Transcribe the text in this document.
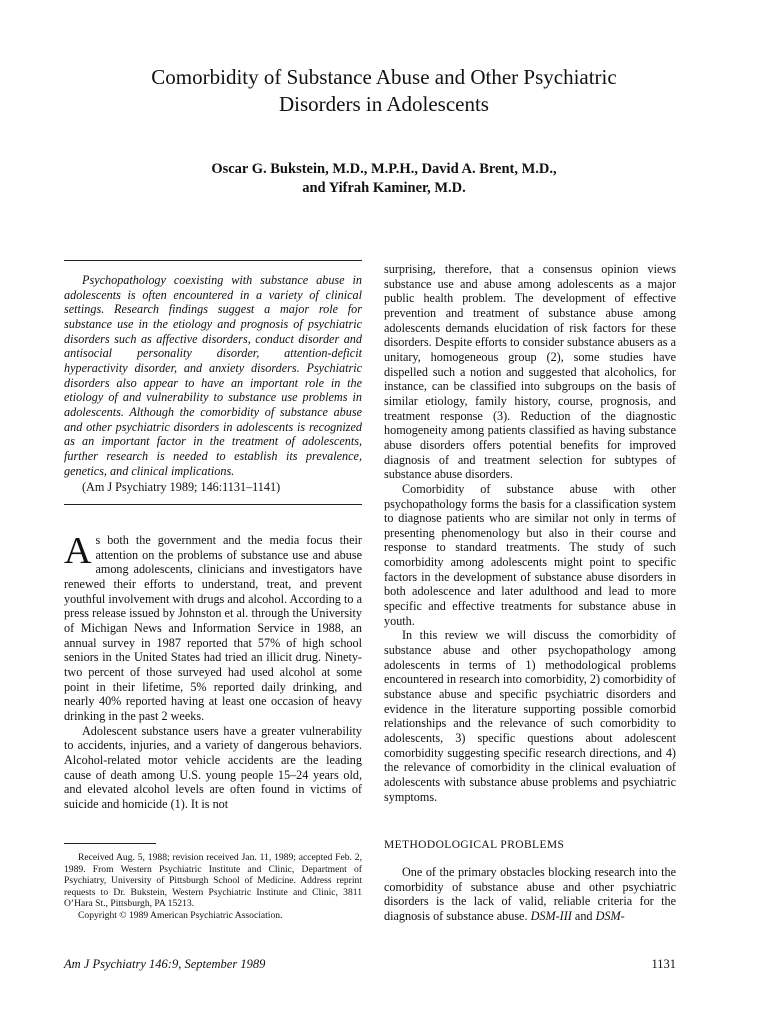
Comorbidity of Substance Abuse and Other Psychiatric
Disorders in Adolescents
Oscar G. Bukstein, M.D., M.P.H., David A. Brent, M.D.,
and Yifrah Kaminer, M.D.

Psychopathology coexisting with substance abuse in adolescents is often encountered in a variety of clinical settings. Research findings suggest a major role for substance use in the etiology and prognosis of psychiatric disorders such as affective disorders, conduct disorder and antisocial personality disorder, attention-deficit hyperactivity disorder, and anxiety disorders. Psychiatric disorders also appear to have an important role in the etiology of and vulnerability to substance use problems in adolescents. Although the comorbidity of substance abuse and other psychiatric disorders in adolescents is recognized as an important factor in the treatment of adolescents, further research is needed to establish its prevalence, genetics, and clinical implications.

(Am J Psychiatry 1989; 146:1131–1141)

As both the government and the media focus their attention on the problems of substance use and abuse among adolescents, clinicians and investigators have renewed their efforts to understand, treat, and prevent youthful involvement with drugs and alcohol. According to a press release issued by Johnston et al. through the University of Michigan News and Information Service in 1988, an annual survey in 1987 reported that 57% of high school seniors in the United States had tried an illicit drug. Ninety-two percent of those surveyed had used alcohol at some point in their lifetime, 5% reported daily drinking, and nearly 40% reported having at least one occasion of heavy drinking in the past 2 weeks.

Adolescent substance users have a greater vulnerability to accidents, injuries, and a variety of dangerous behaviors. Alcohol-related motor vehicle accidents are the leading cause of death among U.S. young people 15–24 years old, and elevated alcohol levels are often found in victims of suicide and homicide (1). It is not

Received Aug. 5, 1988; revision received Jan. 11, 1989; accepted Feb. 2, 1989. From Western Psychiatric Institute and Clinic, Department of Psychiatry, University of Pittsburgh School of Medicine. Address reprint requests to Dr. Bukstein, Western Psychiatric Institute and Clinic, 3811 O’Hara St., Pittsburgh, PA 15213.

Copyright © 1989 American Psychiatric Association.

surprising, therefore, that a consensus opinion views substance use and abuse among adolescents as a major public health problem. The development of effective prevention and treatment of substance abuse among adolescents demands elucidation of risk factors for these disorders. Despite efforts to consider substance abusers as a unitary, homogeneous group (2), some studies have dispelled such a notion and suggested that alcoholics, for instance, can be classified into subgroups on the basis of similar etiology, family history, course, prognosis, and treatment response (3). Reduction of the diagnostic homogeneity among patients classified as having substance abuse disorders offers potential benefits for improved diagnosis of and treatment selection for subtypes of substance abuse disorders.

Comorbidity of substance abuse with other psychopathology forms the basis for a classification system to diagnose patients who are similar not only in terms of presenting phenomenology but also in their course and response to standard treatments. The study of such comorbidity among adolescents might point to specific factors in the development of substance abuse disorders in both adolescence and later adulthood and lead to more specific and effective treatments for substance abuse in youth.

In this review we will discuss the comorbidity of substance abuse and other psychopathology among adolescents in terms of 1) methodological problems encountered in research into comorbidity, 2) comorbidity of substance abuse and specific psychiatric disorders and evidence in the literature supporting possible comorbid relationships and the relevance of such comorbidity to adolescents, 3) specific questions about adolescent comorbidity suggesting specific research directions, and 4) the relevance of comorbidity in the clinical evaluation of adolescents with substance abuse problems and psychiatric symptoms.

METHODOLOGICAL PROBLEMS

One of the primary obstacles blocking research into the comorbidity of substance abuse and other psychiatric disorders is the lack of valid, reliable criteria for the diagnosis of substance abuse. DSM-III and DSM-

Am J Psychiatry 146:9, September 1989	1131
